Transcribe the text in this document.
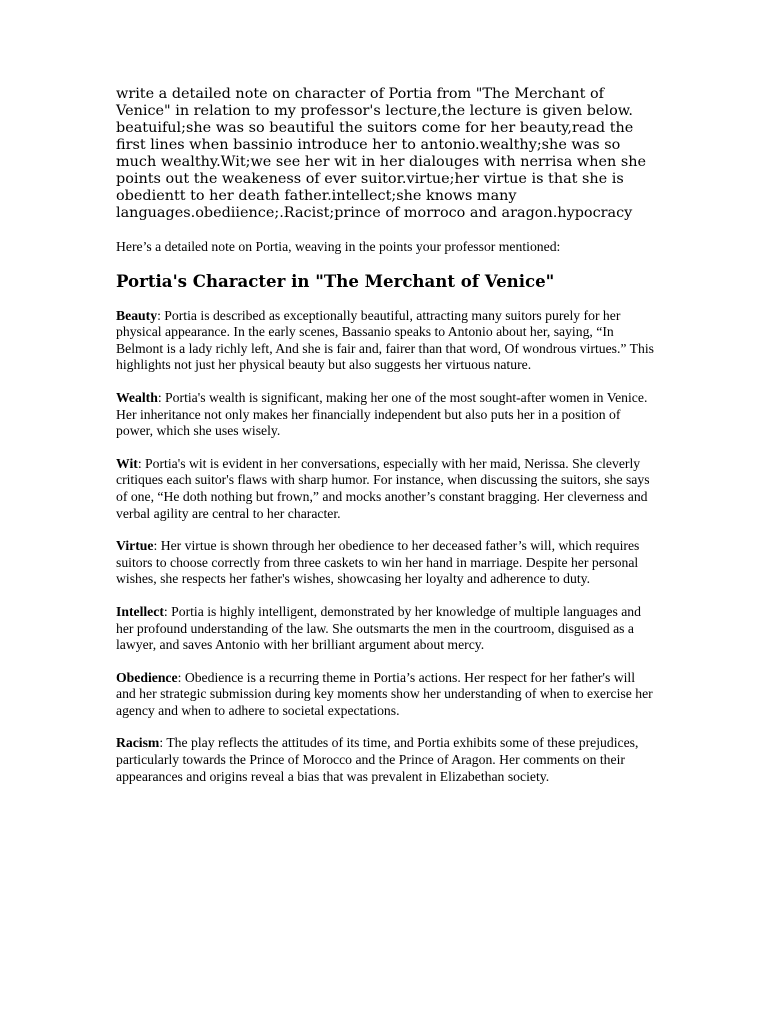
write a detailed note on character of Portia from "The Merchant of Venice" in relation to my professor's lecture,the lecture is given below. beatuiful;she was so beautiful the suitors come for her beauty,read the first lines when bassinio introduce her to antonio.wealthy;she was so much wealthy.Wit;we see her wit in her dialouges with nerrisa when she points out the weakeness of ever suitor.virtue;her virtue is that she is obedientt to her death father.intellect;she knows many languages.obediience;.Racist;prince of morroco and aragon.hypocracy

Here’s a detailed note on Portia, weaving in the points your professor mentioned:

Portia's Character in "The Merchant of Venice"

Beauty: Portia is described as exceptionally beautiful, attracting many suitors purely for her physical appearance. In the early scenes, Bassanio speaks to Antonio about her, saying, “In Belmont is a lady richly left, And she is fair and, fairer than that word, Of wondrous virtues.” This highlights not just her physical beauty but also suggests her virtuous nature.

Wealth: Portia's wealth is significant, making her one of the most sought-after women in Venice. Her inheritance not only makes her financially independent but also puts her in a position of power, which she uses wisely.

Wit: Portia's wit is evident in her conversations, especially with her maid, Nerissa. She cleverly critiques each suitor's flaws with sharp humor. For instance, when discussing the suitors, she says of one, “He doth nothing but frown,” and mocks another’s constant bragging. Her cleverness and verbal agility are central to her character.

Virtue: Her virtue is shown through her obedience to her deceased father’s will, which requires suitors to choose correctly from three caskets to win her hand in marriage. Despite her personal wishes, she respects her father's wishes, showcasing her loyalty and adherence to duty.

Intellect: Portia is highly intelligent, demonstrated by her knowledge of multiple languages and her profound understanding of the law. She outsmarts the men in the courtroom, disguised as a lawyer, and saves Antonio with her brilliant argument about mercy.

Obedience: Obedience is a recurring theme in Portia’s actions. Her respect for her father's will and her strategic submission during key moments show her understanding of when to exercise her agency and when to adhere to societal expectations.

Racism: The play reflects the attitudes of its time, and Portia exhibits some of these prejudices, particularly towards the Prince of Morocco and the Prince of Aragon. Her comments on their appearances and origins reveal a bias that was prevalent in Elizabethan society.
